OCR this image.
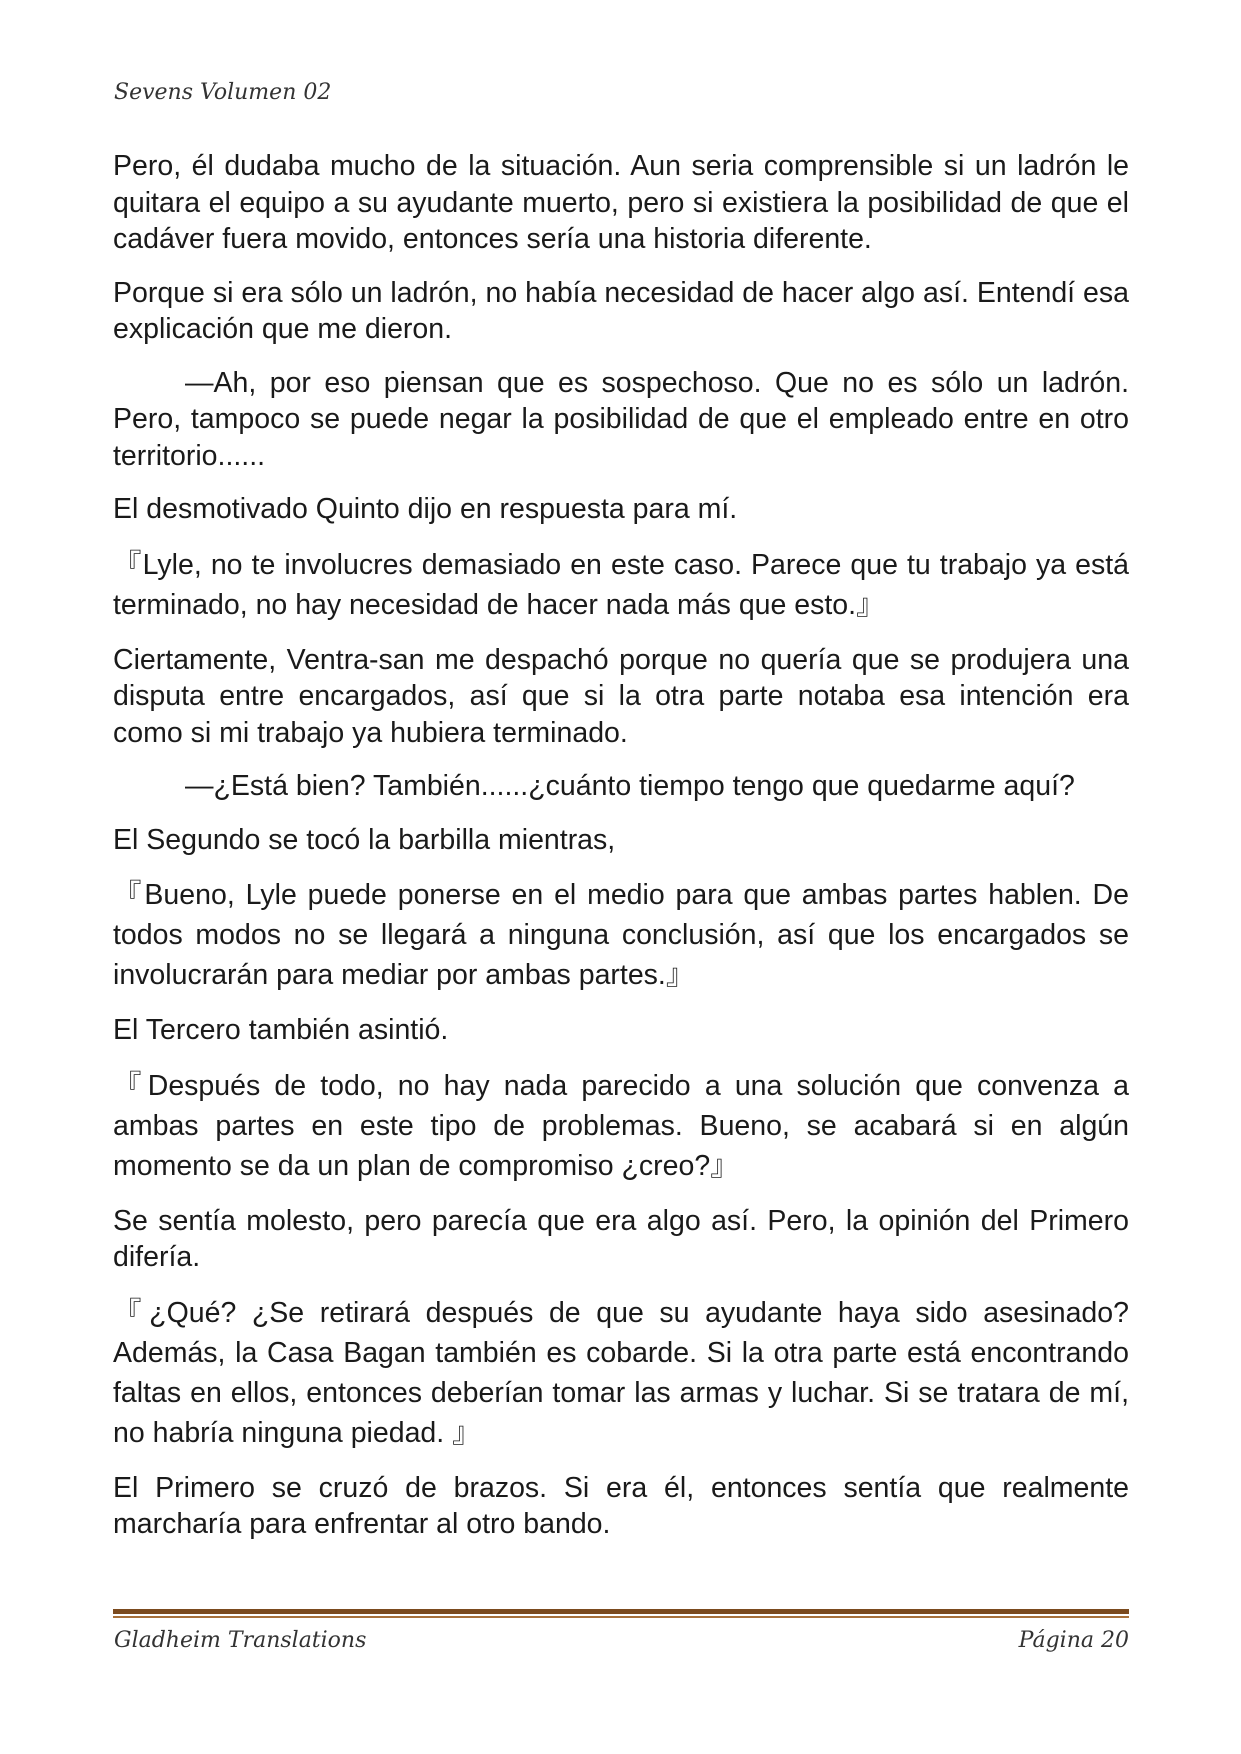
Sevens Volumen 02

Pero, él dudaba mucho de la situación. Aun seria comprensible si un ladrón le quitara el equipo a su ayudante muerto, pero si existiera la posibilidad de que el cadáver fuera movido, entonces sería una historia diferente.

Porque si era sólo un ladrón, no había necesidad de hacer algo así. Entendí esa explicación que me dieron.

—Ah, por eso piensan que es sospechoso. Que no es sólo un ladrón. Pero, tampoco se puede negar la posibilidad de que el empleado entre en otro territorio......

El desmotivado Quinto dijo en respuesta para mí.

『Lyle, no te involucres demasiado en este caso. Parece que tu trabajo ya está terminado, no hay necesidad de hacer nada más que esto.』

Ciertamente, Ventra-san me despachó porque no quería que se produjera una disputa entre encargados, así que si la otra parte notaba esa intención era como si mi trabajo ya hubiera terminado.

—¿Está bien? También......¿cuánto tiempo tengo que quedarme aquí?

El Segundo se tocó la barbilla mientras,

『Bueno, Lyle puede ponerse en el medio para que ambas partes hablen. De todos modos no se llegará a ninguna conclusión, así que los encargados se involucrarán para mediar por ambas partes.』

El Tercero también asintió.

『Después de todo, no hay nada parecido a una solución que convenza a ambas partes en este tipo de problemas. Bueno, se acabará si en algún momento se da un plan de compromiso ¿creo?』

Se sentía molesto, pero parecía que era algo así. Pero, la opinión del Primero difería.

『¿Qué? ¿Se retirará después de que su ayudante haya sido asesinado? Además, la Casa Bagan también es cobarde. Si la otra parte está encontrando faltas en ellos, entonces deberían tomar las armas y luchar. Si se tratara de mí, no habría ninguna piedad. 』

El Primero se cruzó de brazos. Si era él, entonces sentía que realmente marcharía para enfrentar al otro bando.

Gladheim Translations	Página 20
